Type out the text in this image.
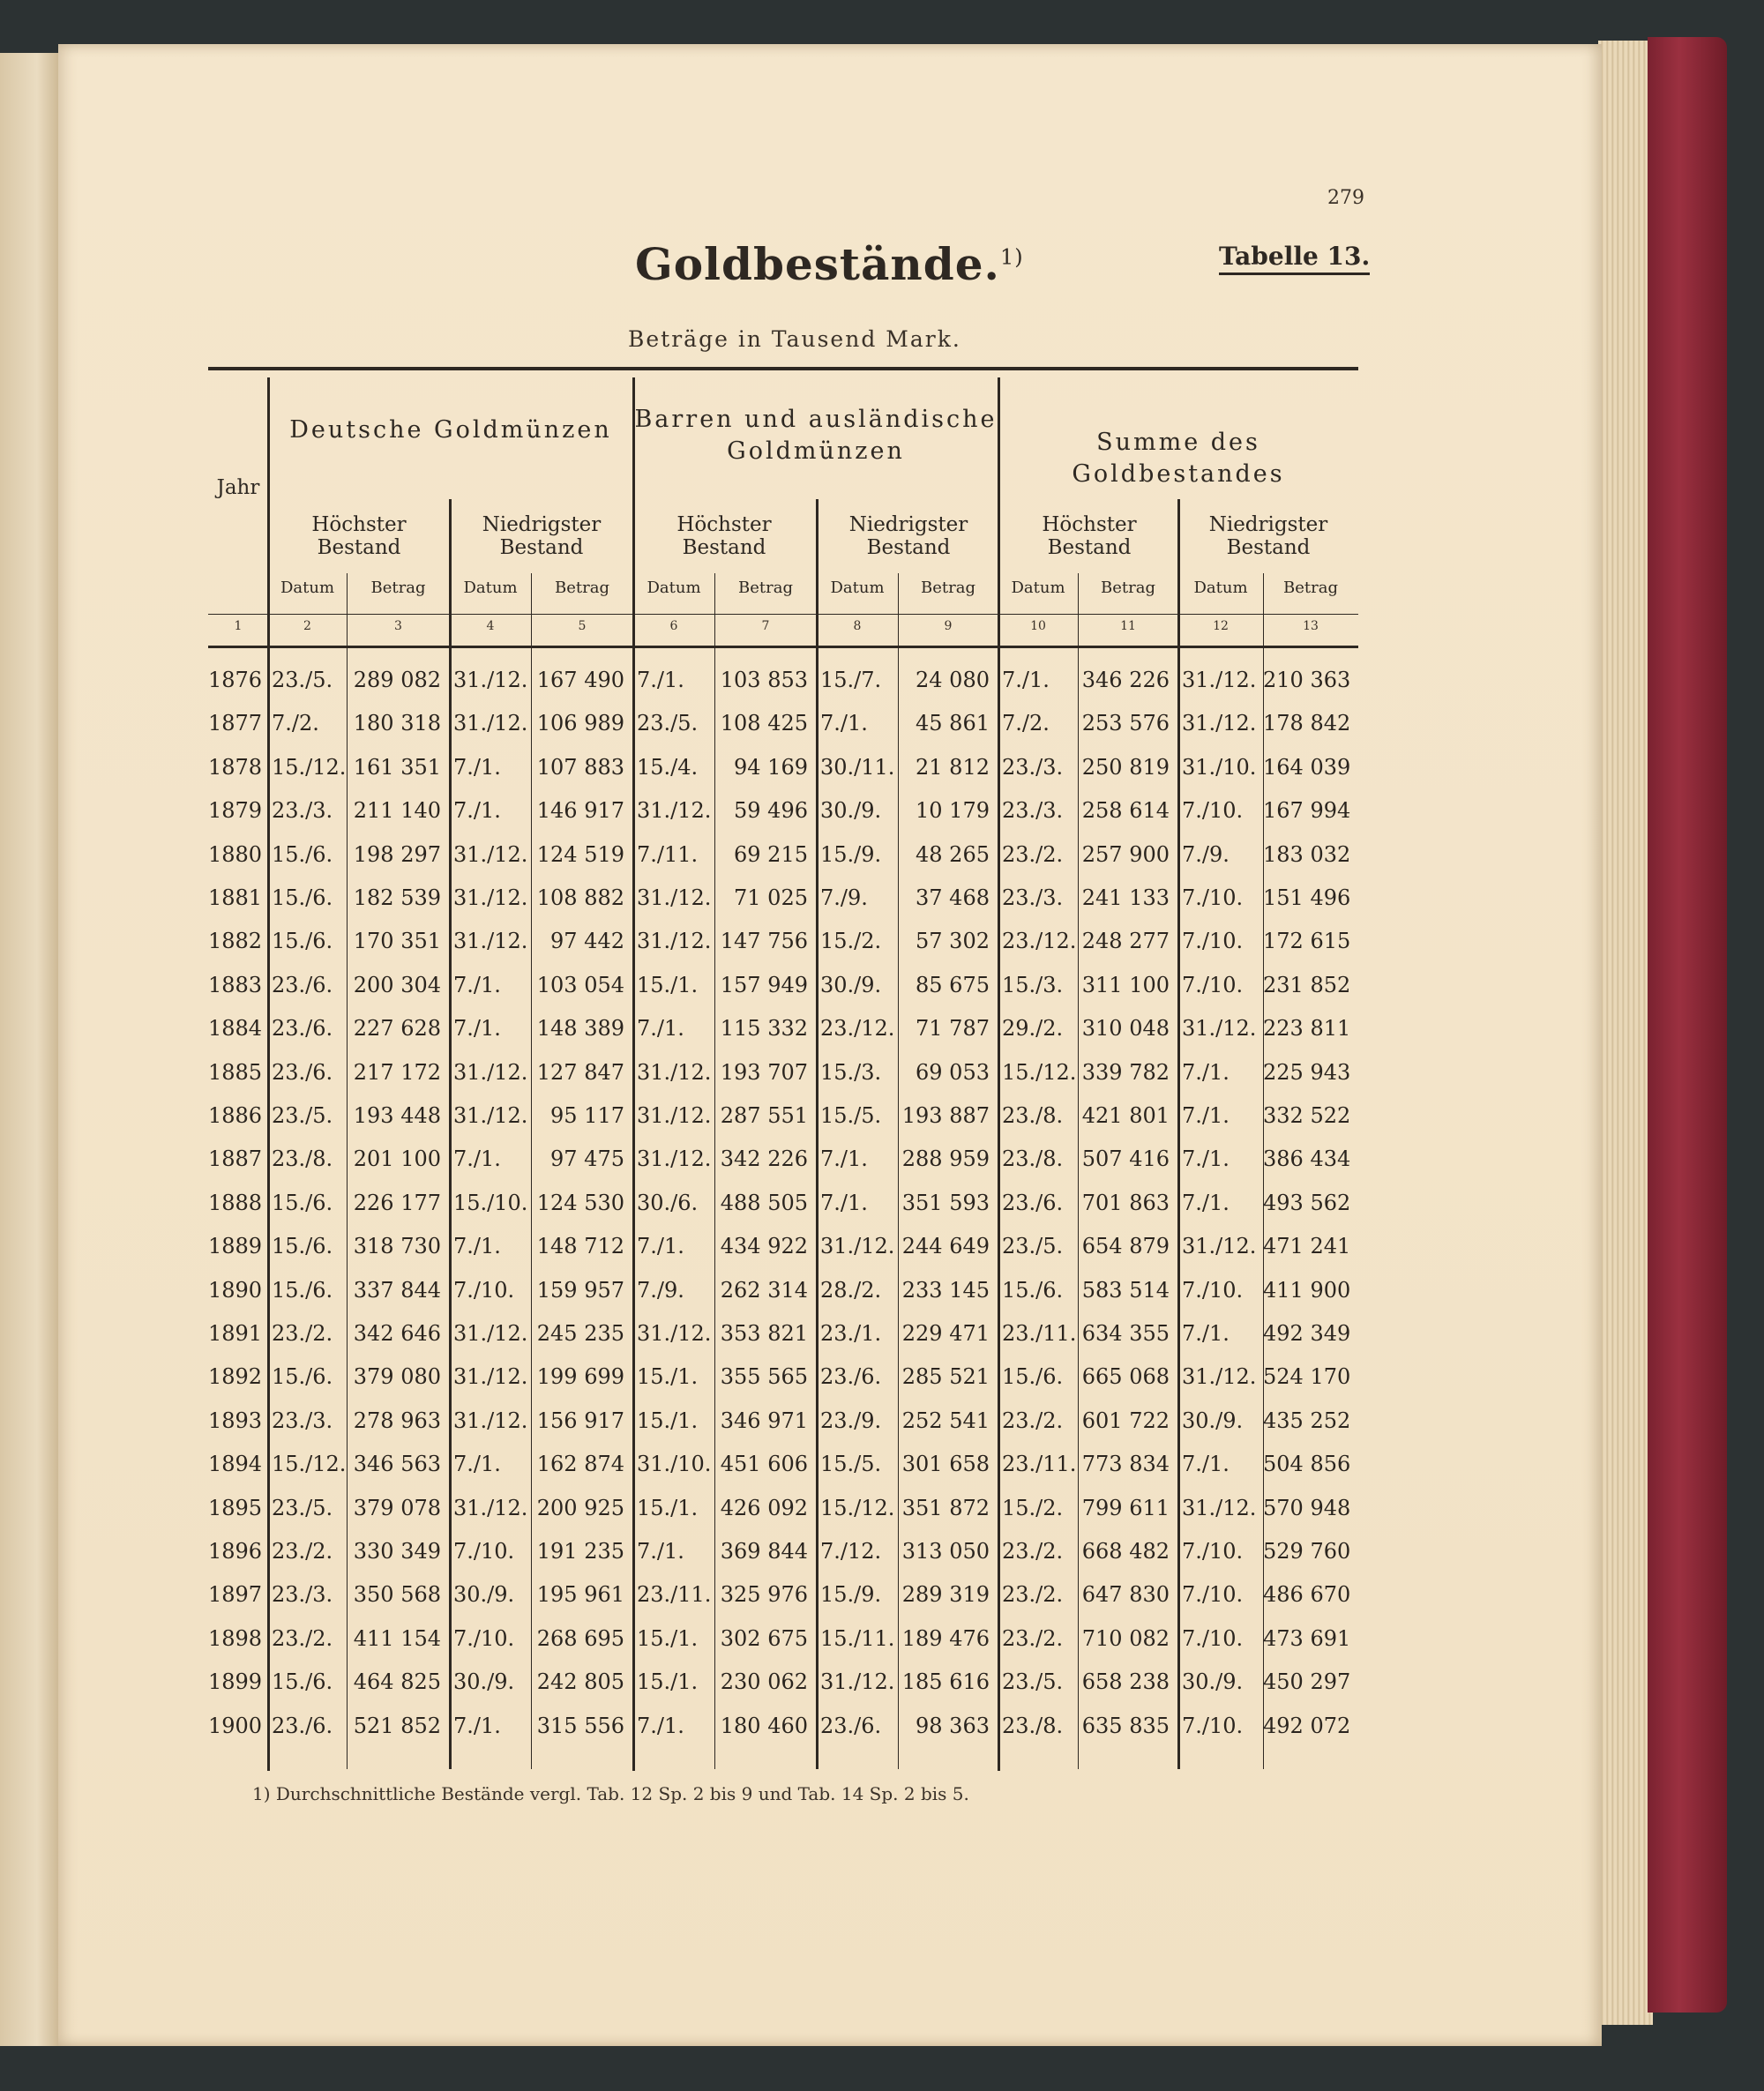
279
Goldbestände.$^{1)}$	Tabelle 13.
Beträge in Tausend Mark.
Deutsche Goldmünzen Barren und ausländische Goldmünzen	Summe des Goldbestandes
Jahr
Höchster Bestand
Niedrigster Bestand
Höchster Bestand
Niedrigster Bestand
Höchster Bestand
Niedrigster Bestand
Datum	Betrag	Datum	Betrag	Datum	Betrag	Datum	Betrag	Datum	Betrag	Datum	Betrag
1	2	3	4	5	6	7	8	9	10	11	12	13
1876 23./5. 289 082 31./12. 167 490 7./1.	103 853 15./7.	24 080 7./1.	346 226 31./12. 210 363
1877 7./2.	180 318 31./12. 106 989 23./5.	108 425 7./1.	45 861 7./2.	253 576 31./12. 178 842
1878 15./12. 161 351 7./1.	107 883 15./4.	94 169 30./11. 21 812 23./3. 250 819 31./10. 164 039
1879 23./3. 211 140 7./1.	146 917 31./12.	59 496 30./9.	10 179 23./3. 258 614 7./10. 167 994
1880 15./6. 198 297 31./12. 124 519 7./11.	69 215 15./9.	48 265 23./2. 257 900 7./9.	183 032
1881 15./6. 182 539 31./12. 108 882 31./12.	71 025 7./9.	37 468 23./3. 241 133 7./10. 151 496
1882 15./6. 170 351 31./12.	97 442 31./12. 147 756 15./2.	57 302 23./12. 248 277 7./10. 172 615
1883 23./6. 200 304 7./1.	103 054 15./1.	157 949 30./9.	85 675 15./3. 311 100 7./10. 231 852
1884 23./6. 227 628 7./1.	148 389 7./1.	115 332 23./12. 71 787 29./2. 310 048 31./12. 223 811
1885 23./6. 217 172 31./12. 127 847 31./12. 193 707 15./3.	69 053 15./12. 339 782 7./1.	225 943
1886 23./5. 193 448 31./12.	95 117 31./12. 287 551 15./5. 193 887 23./8. 421 801 7./1.	332 522
1887 23./8. 201 100 7./1.	97 475 31./12. 342 226 7./1.	288 959 23./8. 507 416 7./1.	386 434
1888 15./6. 226 177 15./10. 124 530 30./6.	488 505 7./1.	351 593 23./6. 701 863 7./1.	493 562
1889 15./6. 318 730 7./1.	148 712 7./1.	434 922 31./12. 244 649 23./5. 654 879 31./12. 471 241
1890 15./6. 337 844 7./10.	159 957 7./9.	262 314 28./2. 233 145 15./6. 583 514 7./10. 411 900
1891 23./2. 342 646 31./12. 245 235 31./12. 353 821 23./1. 229 471 23./11. 634 355 7./1.	492 349
1892 15./6. 379 080 31./12. 199 699 15./1.	355 565 23./6. 285 521 15./6. 665 068 31./12. 524 170
1893 23./3. 278 963 31./12. 156 917 15./1.	346 971 23./9. 252 541 23./2. 601 722 30./9. 435 252
1894 15./12. 346 563 7./1.	162 874 31./10. 451 606 15./5. 301 658 23./11. 773 834 7./1.	504 856
1895 23./5. 379 078 31./12. 200 925 15./1.	426 092 15./12. 351 872 15./2. 799 611 31./12. 570 948
1896 23./2. 330 349 7./10.	191 235 7./1.	369 844 7./12. 313 050 23./2. 668 482 7./10. 529 760
1897 23./3. 350 568 30./9.	195 961 23./11. 325 976 15./9. 289 319 23./2. 647 830 7./10. 486 670
1898 23./2. 411 154 7./10.	268 695 15./1.	302 675 15./11. 189 476 23./2. 710 082 7./10. 473 691
1899 15./6. 464 825 30./9.	242 805 15./1.	230 062 31./12. 185 616 23./5. 658 238 30./9. 450 297
1900 23./6. 521 852 7./1.	315 556 7./1.	180 460 23./6.	98 363 23./8. 635 835 7./10. 492 072
1) Durchschnittliche Bestände vergl. Tab. 12 Sp. 2 bis 9 und Tab. 14 Sp. 2 bis 5.
